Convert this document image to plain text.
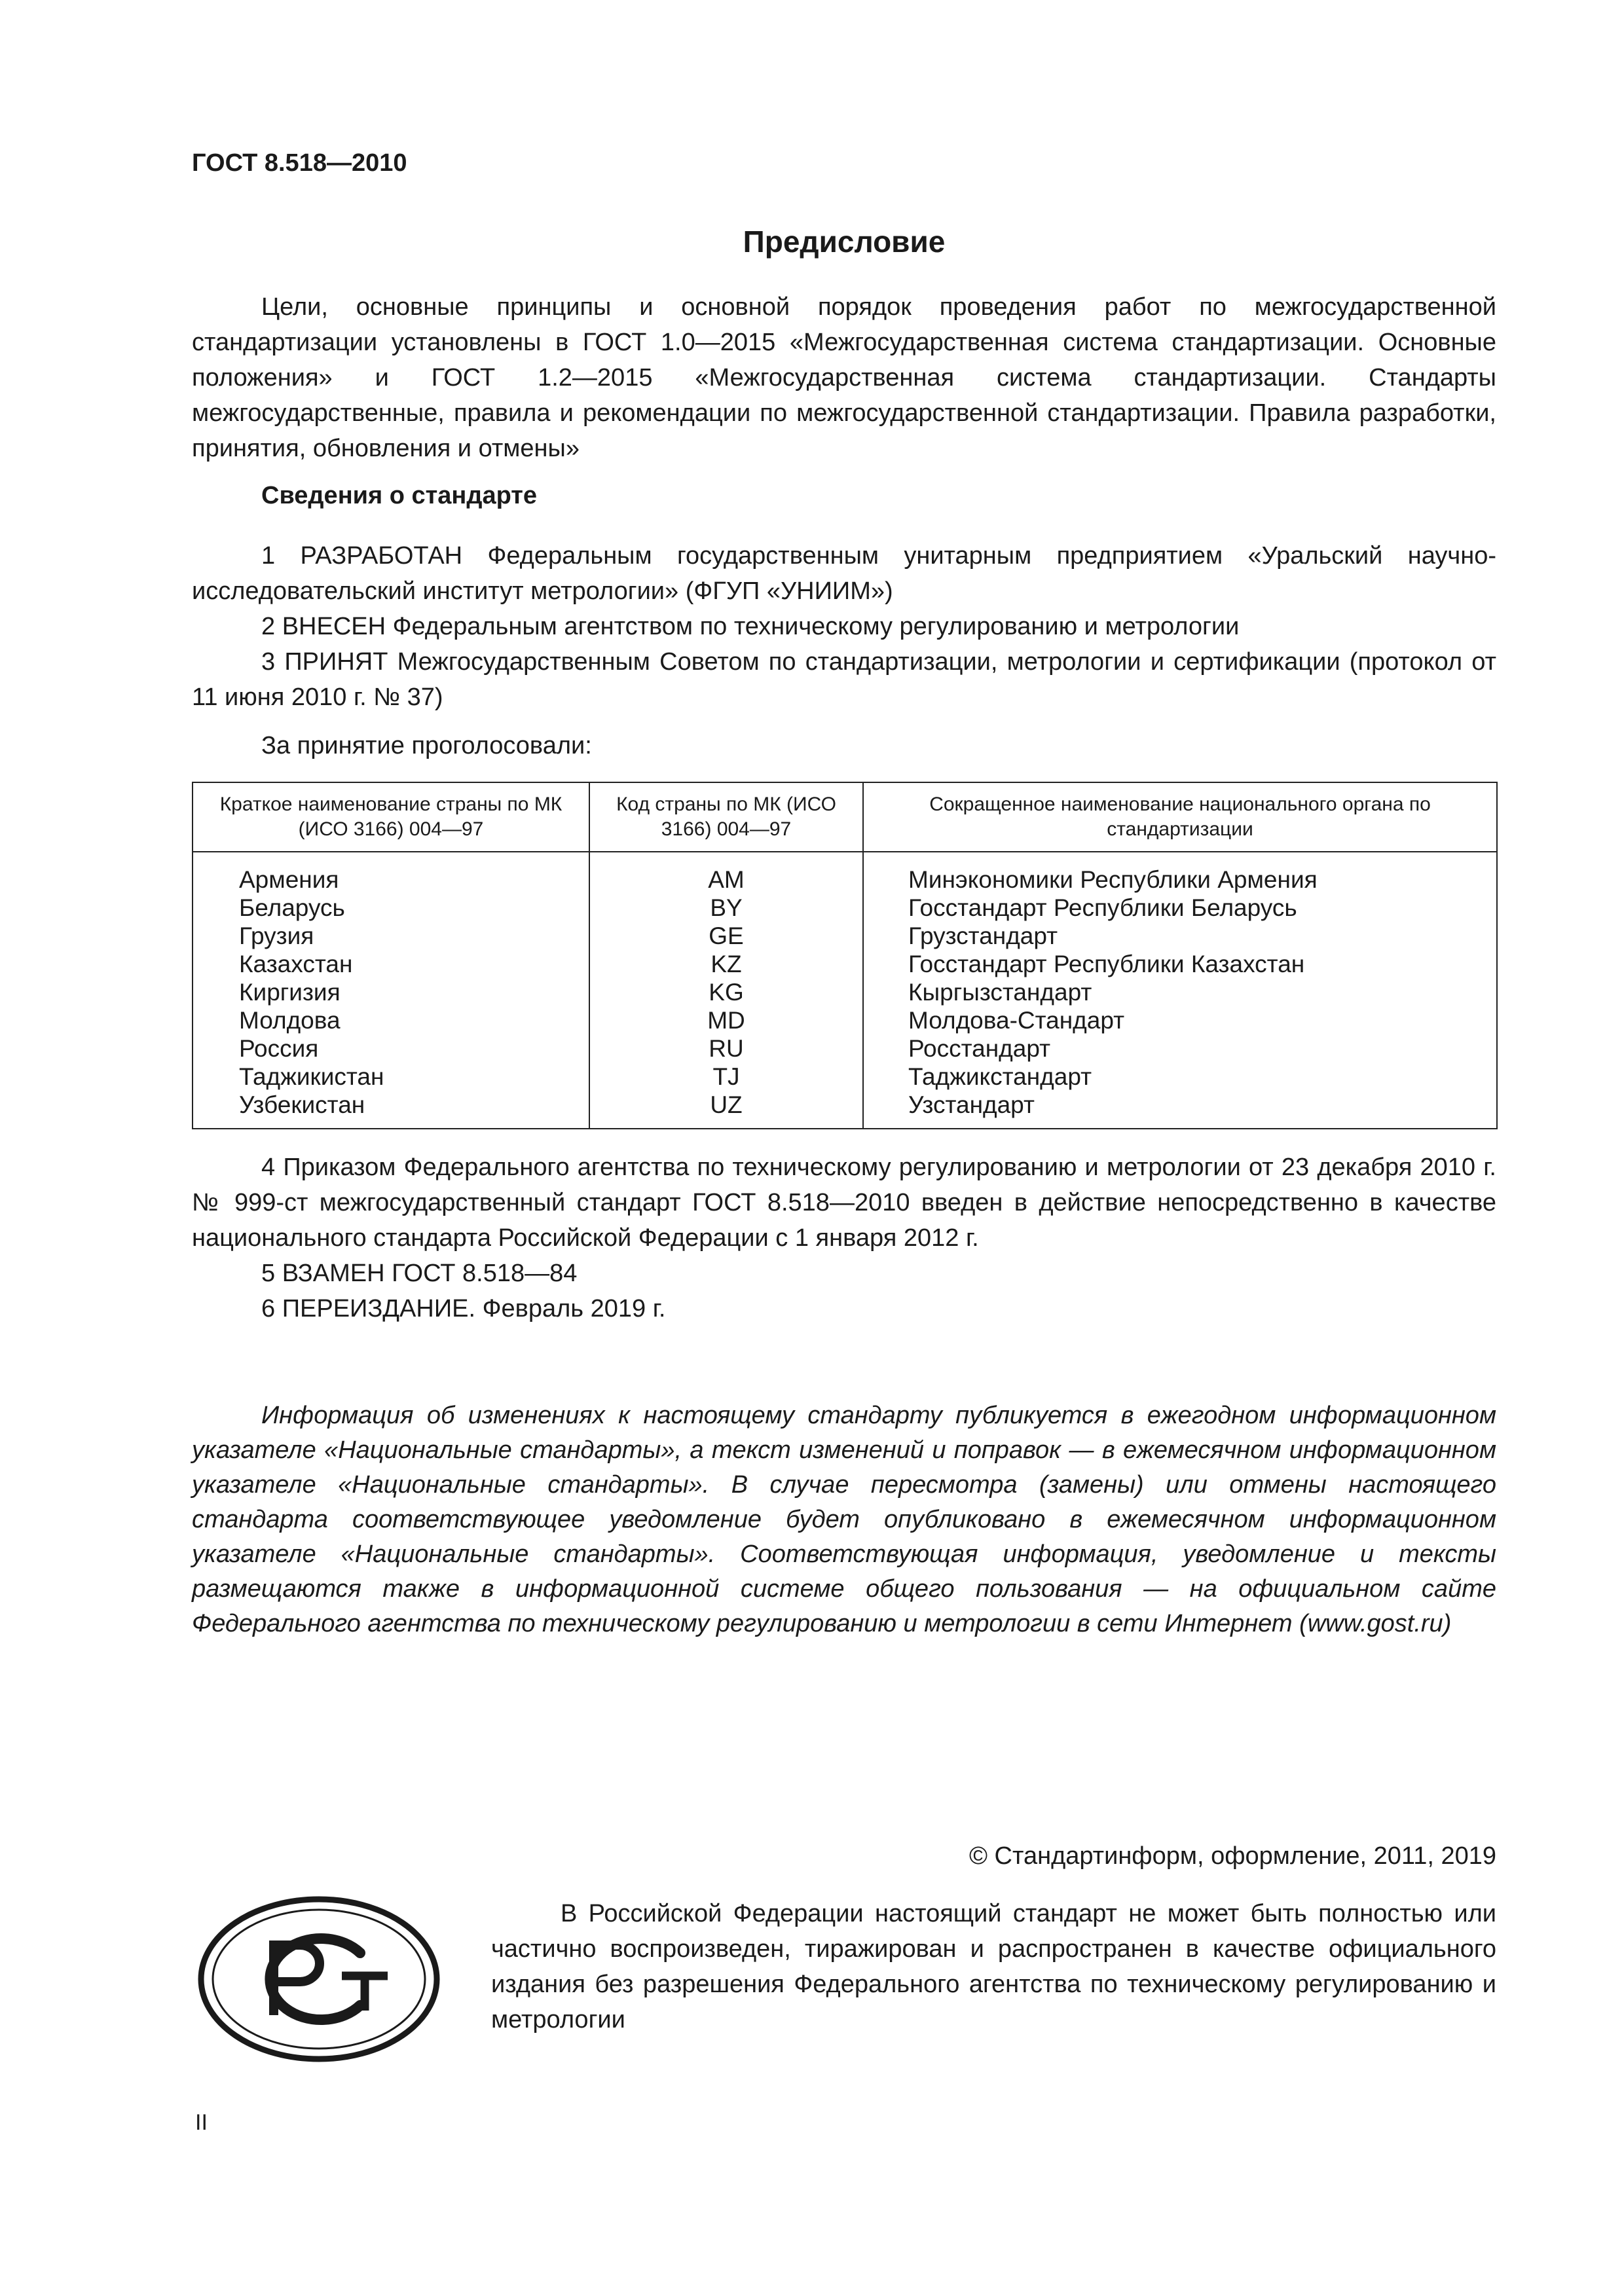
ГОСТ 8.518—2010

Предисловие

Цели, основные принципы и основной порядок проведения работ по межгосударственной стандартизации установлены в ГОСТ 1.0—2015 «Межгосударственная система стандартизации. Основные положения» и ГОСТ 1.2—2015 «Межгосударственная система стандартизации. Стандарты межгосударственные, правила и рекомендации по межгосударственной стандартизации. Правила разработки, принятия, обновления и отмены»

Сведения о стандарте

1 РАЗРАБОТАН Федеральным государственным унитарным предприятием «Уральский научно-исследовательский институт метрологии» (ФГУП «УНИИМ»)

2 ВНЕСЕН Федеральным агентством по техническому регулированию и метрологии

3 ПРИНЯТ Межгосударственным Советом по стандартизации, метрологии и сертификации (протокол от 11 июня 2010 г. № 37)

За принятие проголосовали:

Краткое наименование страны по МК (ИСО 3166) 004—97	Код страны по МК (ИСО 3166) 004—97	Сокращенное наименование национального органа по стандартизации
Армения	AM	Минэкономики Республики Армения
Беларусь	BY	Госстандарт Республики Беларусь
Грузия	GE	Грузстандарт
Казахстан	KZ	Госстандарт Республики Казахстан
Киргизия	KG	Кыргызстандарт
Молдова	MD	Молдова-Стандарт
Россия	RU	Росстандарт
Таджикистан	TJ	Таджикстандарт
Узбекистан	UZ	Узстандарт

4 Приказом Федерального агентства по техническому регулированию и метрологии от 23 декабря 2010 г. № 999-ст межгосударственный стандарт ГОСТ 8.518—2010 введен в действие непосредственно в качестве национального стандарта Российской Федерации с 1 января 2012 г.

5 ВЗАМЕН ГОСТ 8.518—84

6 ПЕРЕИЗДАНИЕ. Февраль 2019 г.

Информация об изменениях к настоящему стандарту публикуется в ежегодном информационном указателе «Национальные стандарты», а текст изменений и поправок — в ежемесячном информационном указателе «Национальные стандарты». В случае пересмотра (замены) или отмены настоящего стандарта соответствующее уведомление будет опубликовано в ежемесячном информационном указателе «Национальные стандарты». Соответствующая информация, уведомление и тексты размещаются также в информационной системе общего пользования — на официальном сайте Федерального агентства по техническому регулированию и метрологии в сети Интернет (www.gost.ru)

© Стандартинформ, оформление, 2011, 2019

РСТ

В Российской Федерации настоящий стандарт не может быть полностью или частично воспроизведен, тиражирован и распространен в качестве официального издания без разрешения Федерального агентства по техническому регулированию и метрологии

II
